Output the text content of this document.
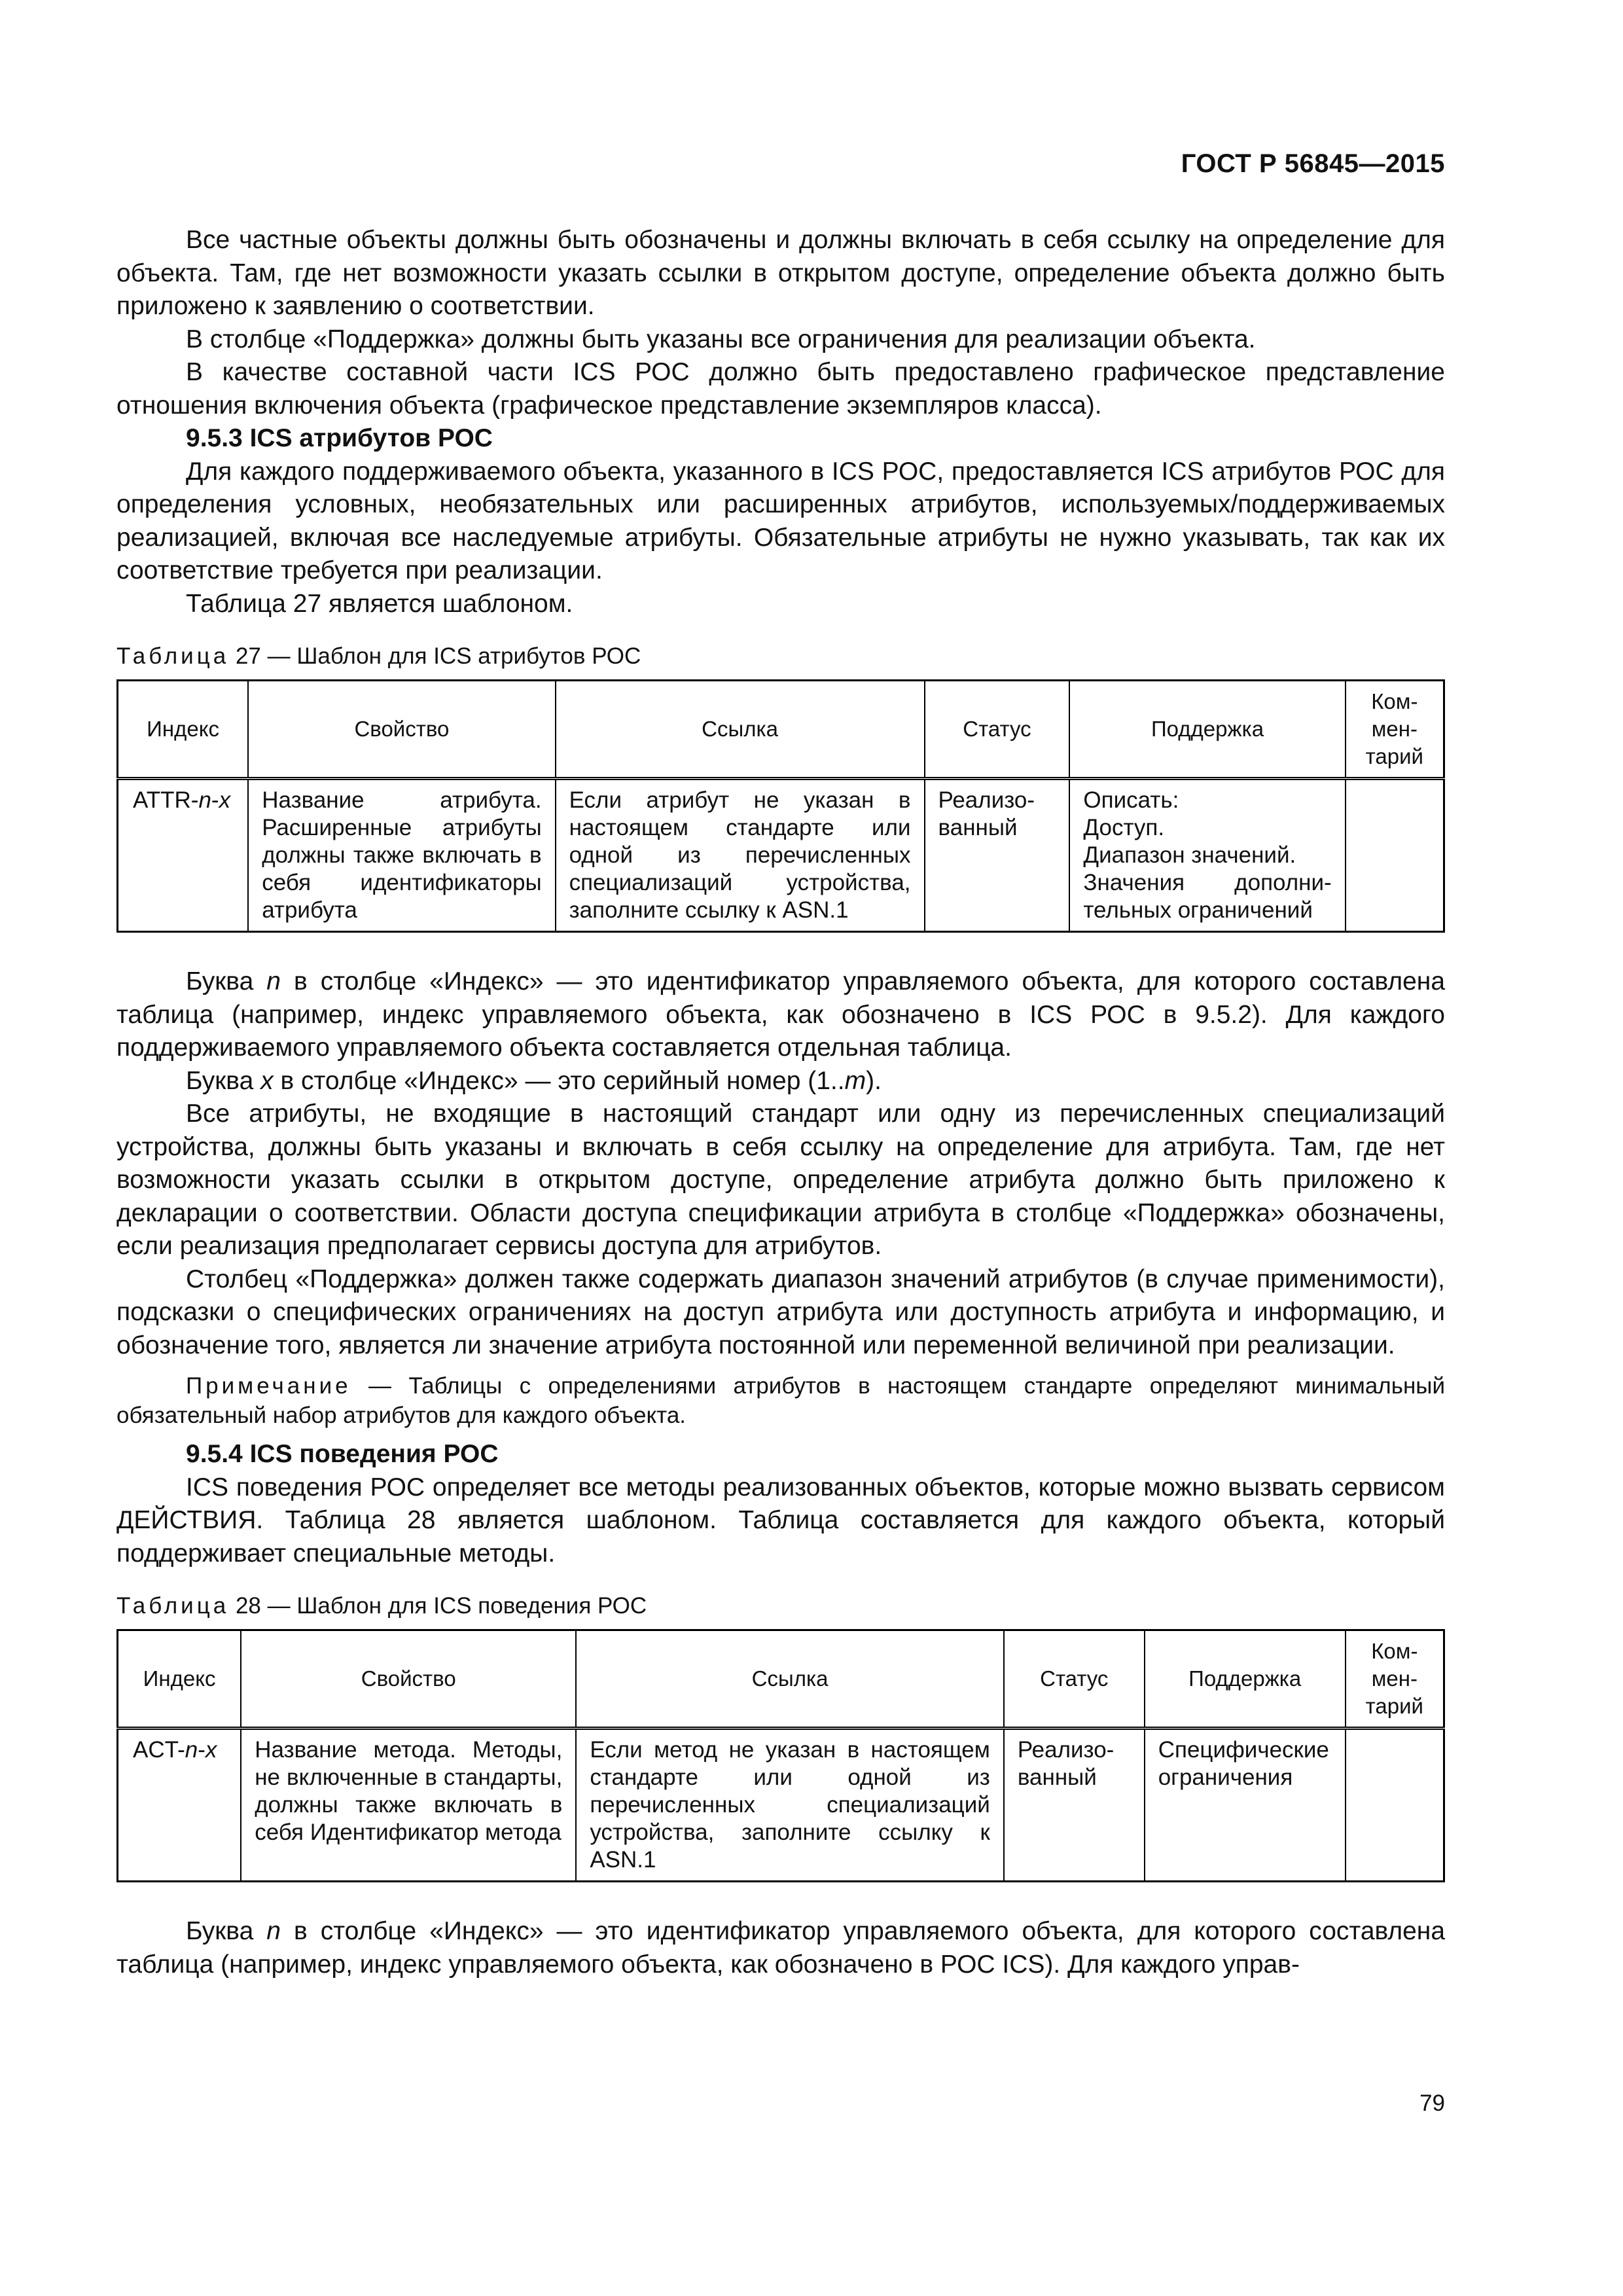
ГОСТ Р 56845—2015

Все частные объекты должны быть обозначены и должны включать в себя ссылку на определение для объекта. Там, где нет возможности указать ссылки в открытом доступе, определение объекта должно быть приложено к заявлению о соответствии.

В столбце «Поддержка» должны быть указаны все ограничения для реализации объекта.

В качестве составной части ICS РОС должно быть предоставлено графическое представление отношения включения объекта (графическое представление экземпляров класса).

9.5.3 ICS атрибутов РОС

Для каждого поддерживаемого объекта, указанного в ICS РОС, предоставляется ICS атрибутов РОС для определения условных, необязательных или расширенных атрибутов, используемых/поддерживаемых реализацией, включая все наследуемые атрибуты. Обязательные атрибуты не нужно указывать, так как их соответствие требуется при реализации.

Таблица 27 является шаблоном.

Таблица 27 — Шаблон для ICS атрибутов РОС
Индекс	Свойство	Ссылка	Статус	Поддержка	Ком-
мен-
тарий
ATTR-n-x	Название атрибута. Расширенные атрибуты должны также включать в себя идентификаторы атрибута	Если атрибут не указан в настоящем стандарте или одной из перечисленных специализаций устройства, заполните ссылку к ASN.1	Реализо-ванный	Описать:
Доступ.
Диапазон значений.
Значения дополни-тельных ограничений	

Буква n в столбце «Индекс» — это идентификатор управляемого объекта, для которого составлена таблица (например, индекс управляемого объекта, как обозначено в ICS РОС в 9.5.2). Для каждого поддерживаемого управляемого объекта составляется отдельная таблица.

Буква x в столбце «Индекс» — это серийный номер (1..m).

Все атрибуты, не входящие в настоящий стандарт или одну из перечисленных специализаций устройства, должны быть указаны и включать в себя ссылку на определение для атрибута. Там, где нет возможности указать ссылки в открытом доступе, определение атрибута должно быть приложено к декларации о соответствии. Области доступа спецификации атрибута в столбце «Поддержка» обозначены, если реализация предполагает сервисы доступа для атрибутов.

Столбец «Поддержка» должен также содержать диапазон значений атрибутов (в случае применимости), подсказки о специфических ограничениях на доступ атрибута или доступность атрибута и информацию, и обозначение того, является ли значение атрибута постоянной или переменной величиной при реализации.

Примечание — Таблицы с определениями атрибутов в настоящем стандарте определяют минимальный обязательный набор атрибутов для каждого объекта.
9.5.4 ICS поведения РОС

ICS поведения РОС определяет все методы реализованных объектов, которые можно вызвать сервисом ДЕЙСТВИЯ. Таблица 28 является шаблоном. Таблица составляется для каждого объекта, который поддерживает специальные методы.

Таблица 28 — Шаблон для ICS поведения РОС
Индекс	Свойство	Ссылка	Статус	Поддержка	Ком-
мен-
тарий
ACT-n-x	Название метода. Методы, не включенные в стандарты, должны также включать в себя Идентификатор метода	Если метод не указан в настоящем стандарте или одной из перечисленных специализаций устройства, заполните ссылку к ASN.1	Реализо-ванный	Специфические ограничения	

Буква n в столбце «Индекс» — это идентификатор управляемого объекта, для которого составлена таблица (например, индекс управляемого объекта, как обозначено в РОС ICS). Для каждого управ-

79
